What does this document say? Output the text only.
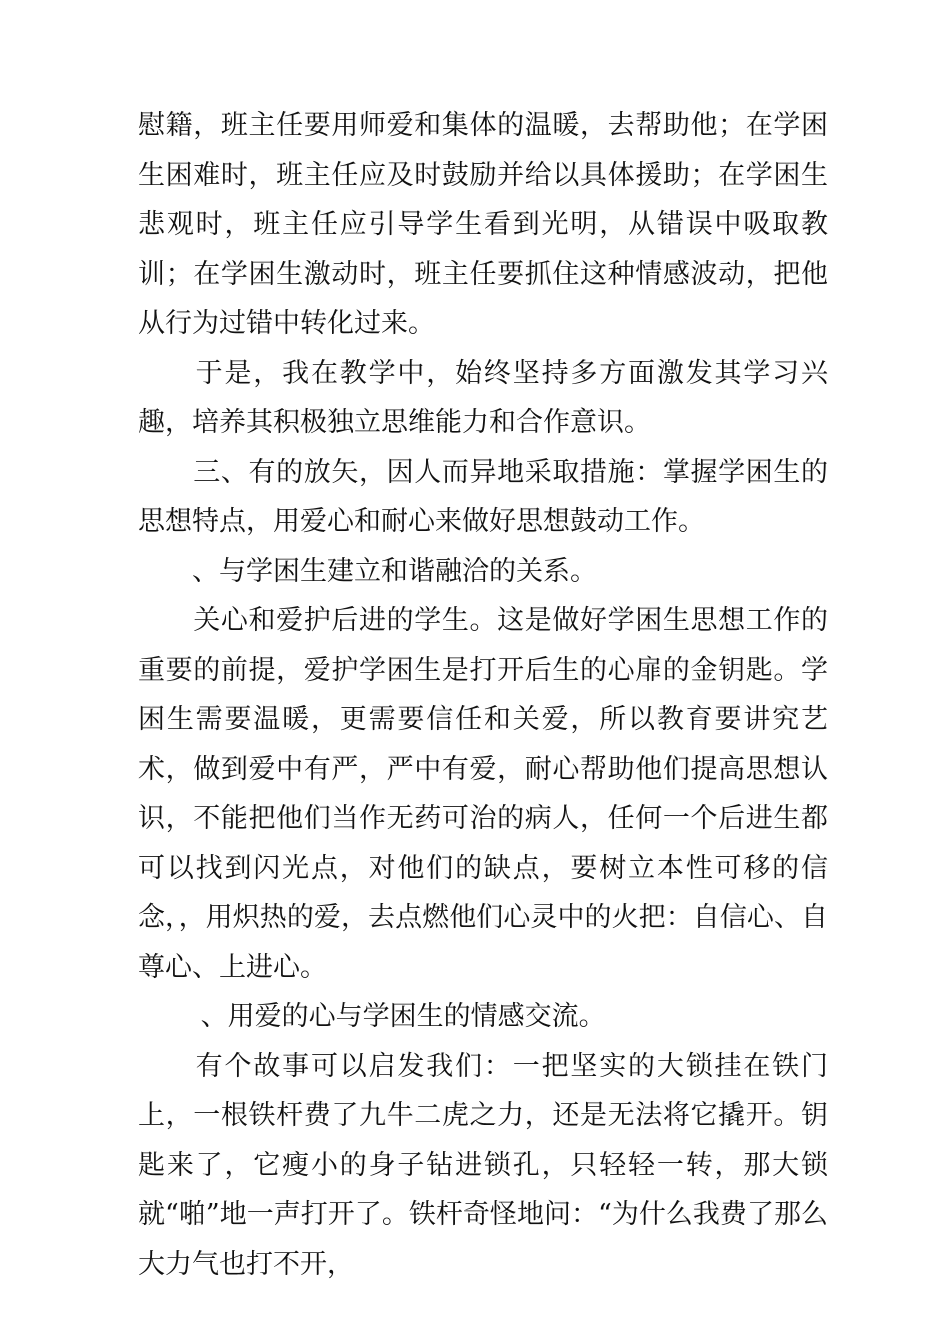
慰籍，班主任要用师爱和集体的温暖，去帮助他；在学困生困难时，班主任应及时鼓励并给以具体援助；在学困生悲观时，班主任应引导学生看到光明，从错误中吸取教训；在学困生激动时，班主任要抓住这种情感波动，把他从行为过错中转化过来。

　　于是，我在教学中，始终坚持多方面激发其学习兴趣，培养其积极独立思维能力和合作意识。

　　三、有的放矢，因人而异地采取措施：掌握学困生的思想特点，用爱心和耐心来做好思想鼓动工作。

　　、与学困生建立和谐融洽的关系。

　　关心和爱护后进的学生。这是做好学困生思想工作的重要的前提，爱护学困生是打开后生的心扉的金钥匙。学困生需要温暖，更需要信任和关爱，所以教育要讲究艺术，做到爱中有严，严中有爱，耐心帮助他们提高思想认识，不能把他们当作无药可治的病人，任何一个后进生都可以找到闪光点，对他们的缺点，要树立本性可移的信念，，用炽热的爱，去点燃他们心灵中的火把：自信心、自尊心、上进心。

　　 、用爱的心与学困生的情感交流。

　　有个故事可以启发我们：一把坚实的大锁挂在铁门上，一根铁杆费了九牛二虎之力，还是无法将它撬开。钥匙来了，它瘦小的身子钻进锁孔，只轻轻一转，那大锁就“啪”地一声打开了。铁杆奇怪地问：“为什么我费了那么大力气也打不开，
